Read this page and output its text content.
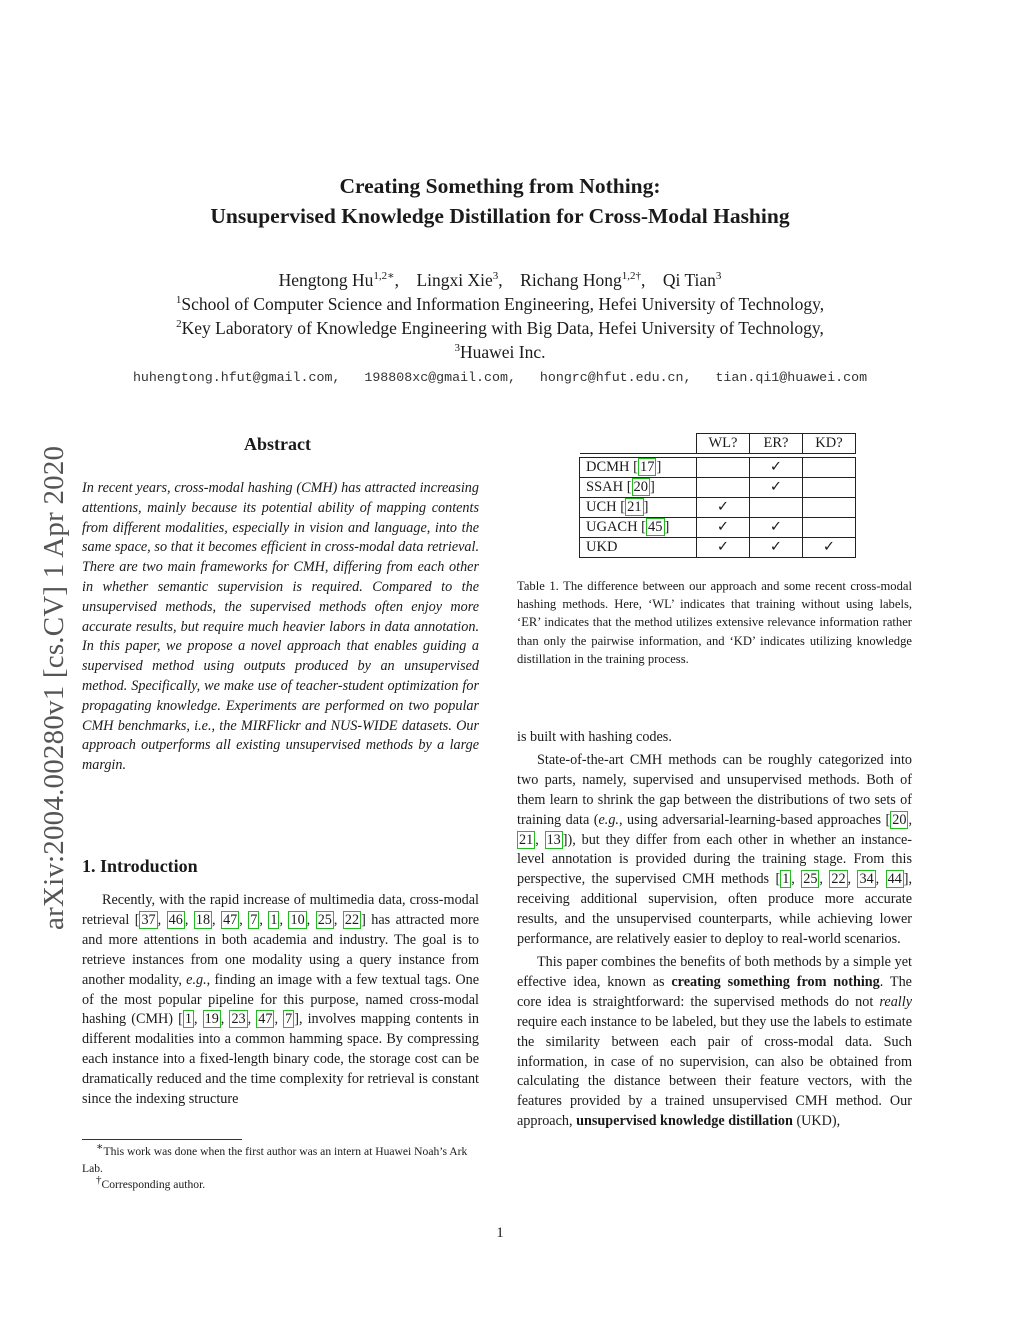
arXiv:2004.00280v1 [cs.CV] 1 Apr 2020
Creating Something from Nothing:
Unsupervised Knowledge Distillation for Cross-Modal Hashing
Hengtong $Hu^{1,2∗}$,    Lingxi Xie$^3$,    Richang Hong$^{1,2\dagger}$,    Qi Tian$^3$
$^1$School of Computer Science and Information Engineering, Hefei University of Technology,
$^2$Key Laboratory of Knowledge Engineering with Big Data, Hefei University of Technology,
$^3$Huawei Inc.
huhengtong.hfut@gmail.com,   198808xc@gmail.com,   hongrc@hfut.edu.cn,   tian.qi1@huawei.com
Abstract
In recent years, cross-modal hashing (CMH) has attracted increasing attentions, mainly because its potential ability of mapping contents from different modalities, especially in vision and language, into the same space, so that it becomes efficient in cross-modal data retrieval. There are two main frameworks for CMH, differing from each other in whether semantic supervision is required. Compared to the unsupervised methods, the supervised methods often enjoy more accurate results, but require much heavier labors in data annotation. In this paper, we propose a novel approach that enables guiding a supervised method using outputs produced by an unsupervised method. Specifically, we make use of teacher-student optimization for propagating knowledge. Experiments are performed on two popular CMH benchmarks, i.e., the MIRFlickr and NUS-WIDE datasets. Our approach outperforms all existing unsupervised methods by a large margin.
1. Introduction

Recently, with the rapid increase of multimedia data, cross-modal retrieval [ 37 , 46 , 18 , 47 , 7 , 1 , 10 , 25 , 22 ] has attracted more and more attentions in both academia and industry. The goal is to retrieve instances from one modality using a query instance from another modality, e.g., finding an image with a few textual tags. One of the most popular pipeline for this purpose, named cross-modal hashing (CMH) [ 1 , 19 , 23 , 47 , 7 ], involves mapping contents in different modalities into a common hamming space. By compressing each instance into a fixed-length binary code, the storage cost can be dramatically reduced and the time complexity for retrieval is constant since the indexing structure

∗This work was done when the first author was an intern at Huawei Noah’s Ark Lab.
†Corresponding author.
	WL?	ER?	KD?

DCMH [ 17 ]		✓	
SSAH [ 20 ]		✓	
UCH [ 21 ]	✓		
UGACH [ 45 ]	✓	✓	
UKD	✓	✓	✓
Table 1. The difference between our approach and some recent cross-modal hashing methods. Here, ‘WL’ indicates that training without using labels, ‘ER’ indicates that the method utilizes extensive relevance information rather than only the pairwise information, and ‘KD’ indicates utilizing knowledge distillation in the training process.

is built with hashing codes.

State-of-the-art CMH methods can be roughly categorized into two parts, namely, supervised and unsupervised methods. Both of them learn to shrink the gap between the distributions of two sets of training data (e.g., using adversarial-learning-based approaches [ 20 , 21 , 13 ]), but they differ from each other in whether an instance-level annotation is provided during the training stage. From this perspective, the supervised CMH methods [ 1 , 25 , 22 , 34 , 44 ], receiving additional supervision, often produce more accurate results, and the unsupervised counterparts, while achieving lower performance, are relatively easier to deploy to real-world scenarios.

This paper combines the benefits of both methods by a simple yet effective idea, known as creating something from nothing. The core idea is straightforward: the supervised methods do not really require each instance to be labeled, but they use the labels to estimate the similarity between each pair of cross-modal data. Such information, in case of no supervision, can also be obtained from calculating the distance between their feature vectors, with the features provided by a trained unsupervised CMH method. Our approach, unsupervised knowledge distillation (UKD),

1
